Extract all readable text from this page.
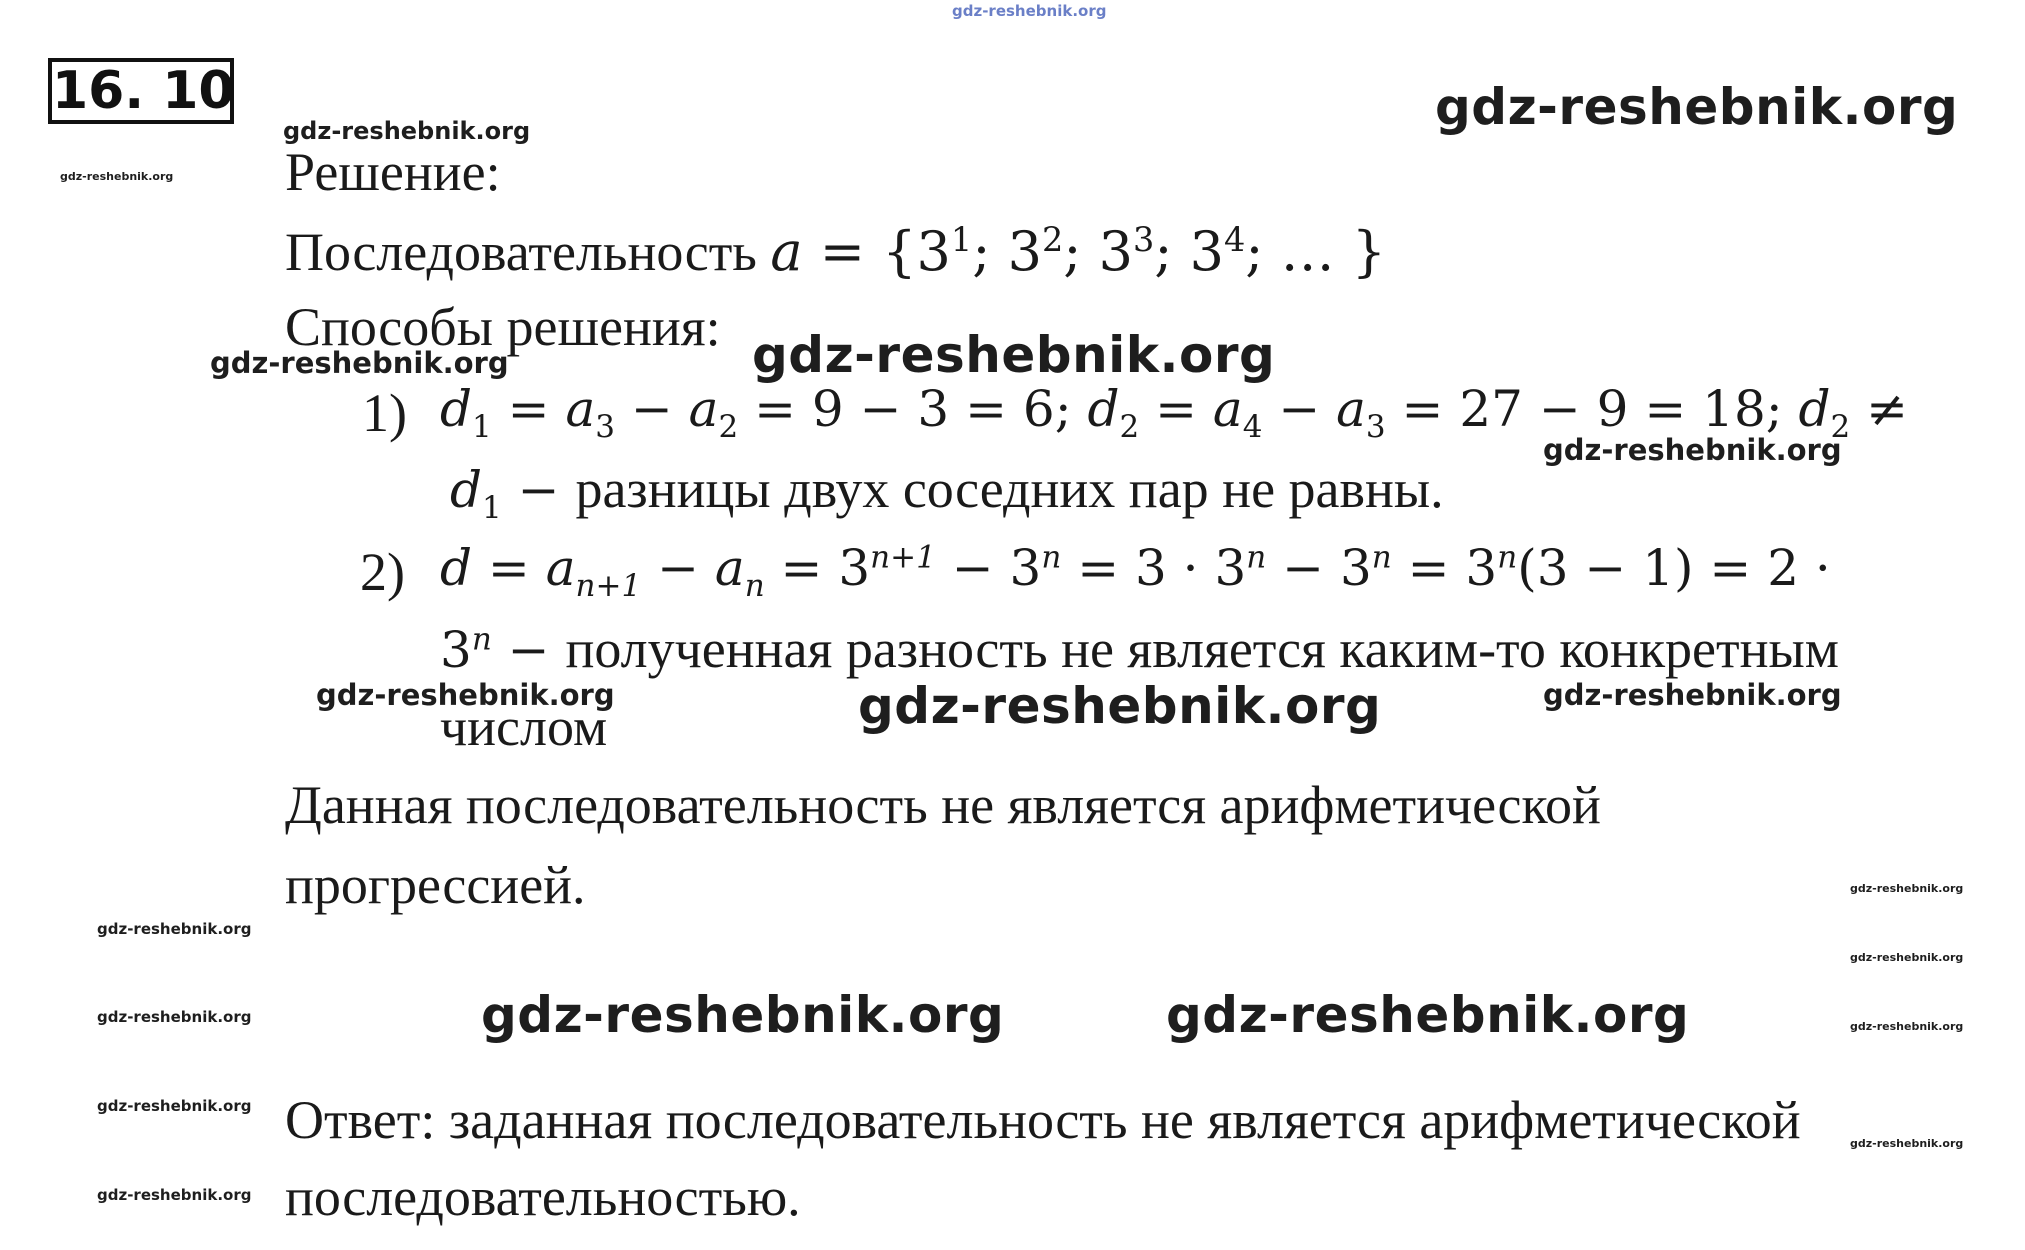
gdz-reshebnik.org
16. 10	gdz-reshebnik.org
gdz-reshebnik.org
gdz-reshebnik.org
gdz-reshebnik.org	gdz-reshebnik.org
gdz-reshebnik.org
gdz-reshebnik.org	gdz-reshebnik.org	gdz-reshebnik.org
gdz-reshebnik.org
gdz-reshebnik.org
gdz-reshebnik.org
gdz-reshebnik.org	gdz-reshebnik.org	gdz-reshebnik.org	gdz-reshebnik.org
gdz-reshebnik.org
gdz-reshebnik.org
gdz-reshebnik.org
Решение:
Последовательность $a = \{3^1$; $3^2$; $3^3$; $3^4$; … }
Способы решения:
1) $d_1 = a_3 - a_2 = 9 - 3 = 6$; $d_2 = a_4 - a_3 = 27 - 9 = 18$; $d_2$ ≠
$d_1$ − разницы двух соседних пар не равны.
2) $d = a_{n+1} - a_n = 3^{n+1} - 3^n = 3 \cdot 3^n - 3^n = 3^n(3 - 1) = 2$ ·
$3^n$ − полученная разность не является каким-то конкретным
числом
Данная последовательность не является арифметической
прогрессией.
Ответ: заданная последовательность не является арифметической
последовательностью.
